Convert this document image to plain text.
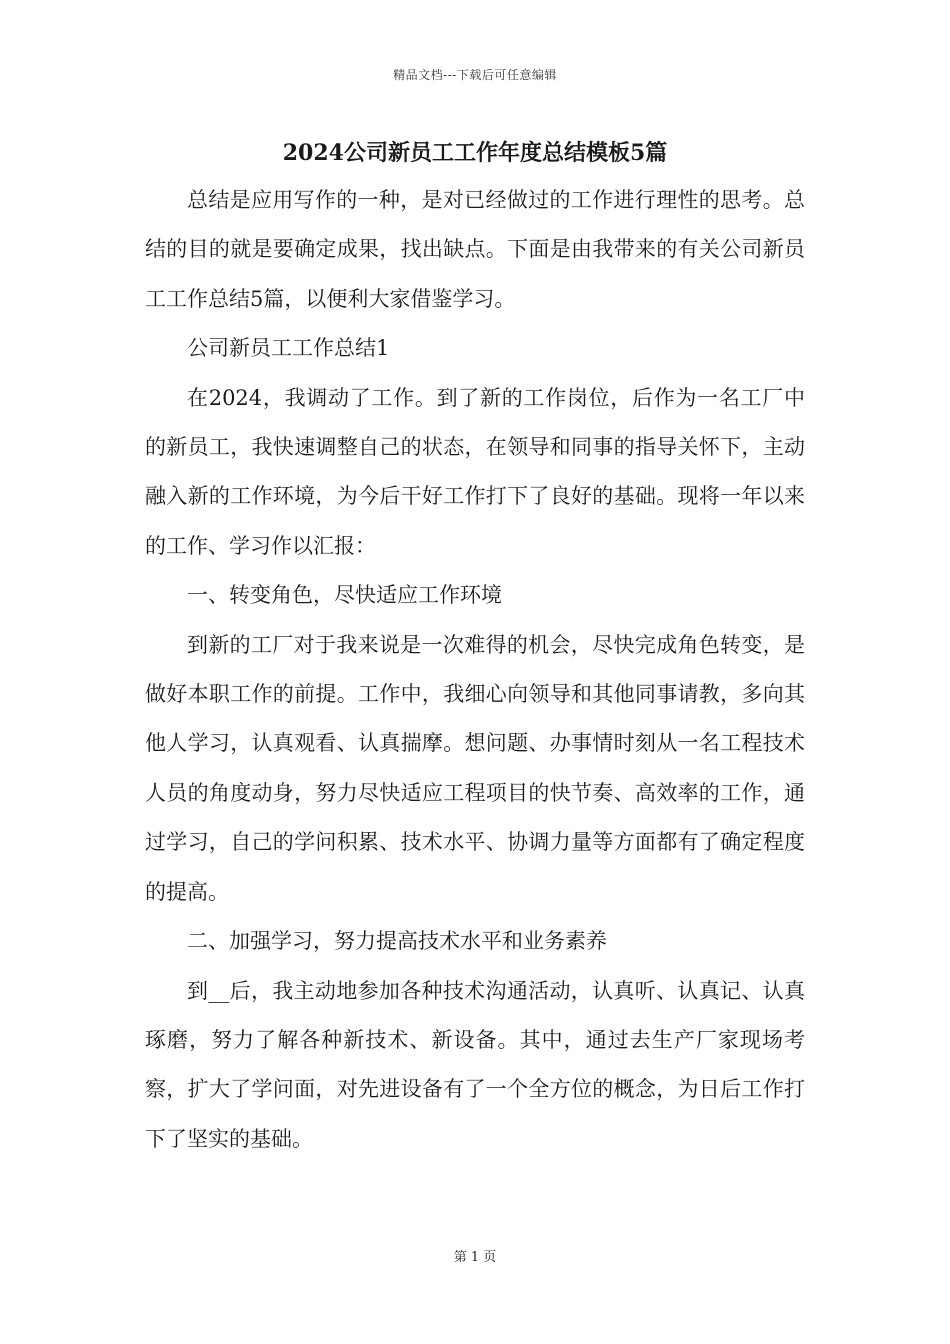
精品文档---下载后可任意编辑
2024公司新员工工作年度总结模板5篇

总结是应用写作的一种，是对已经做过的工作进行理性的思考。总结的目的就是要确定成果，找出缺点。下面是由我带来的有关公司新员工工作总结5篇，以便利大家借鉴学习。

公司新员工工作总结1

在2024，我调动了工作。到了新的工作岗位，后作为一名工厂中的新员工，我快速调整自己的状态，在领导和同事的指导关怀下，主动融入新的工作环境，为今后干好工作打下了良好的基础。现将一年以来的工作、学习作以汇报：

一、转变角色，尽快适应工作环境

到新的工厂对于我来说是一次难得的机会，尽快完成角色转变，是做好本职工作的前提。工作中，我细心向领导和其他同事请教，多向其他人学习，认真观看、认真揣摩。想问题、办事情时刻从一名工程技术人员的角度动身，努力尽快适应工程项目的快节奏、高效率的工作，通过学习，自己的学问积累、技术水平、协调力量等方面都有了确定程度的提高。

二、加强学习，努力提高技术水平和业务素养

到__后，我主动地参加各种技术沟通活动，认真听、认真记、认真琢磨，努力了解各种新技术、新设备。其中，通过去生产厂家现场考察，扩大了学问面，对先进设备有了一个全方位的概念，为日后工作打下了坚实的基础。

第 1 页
